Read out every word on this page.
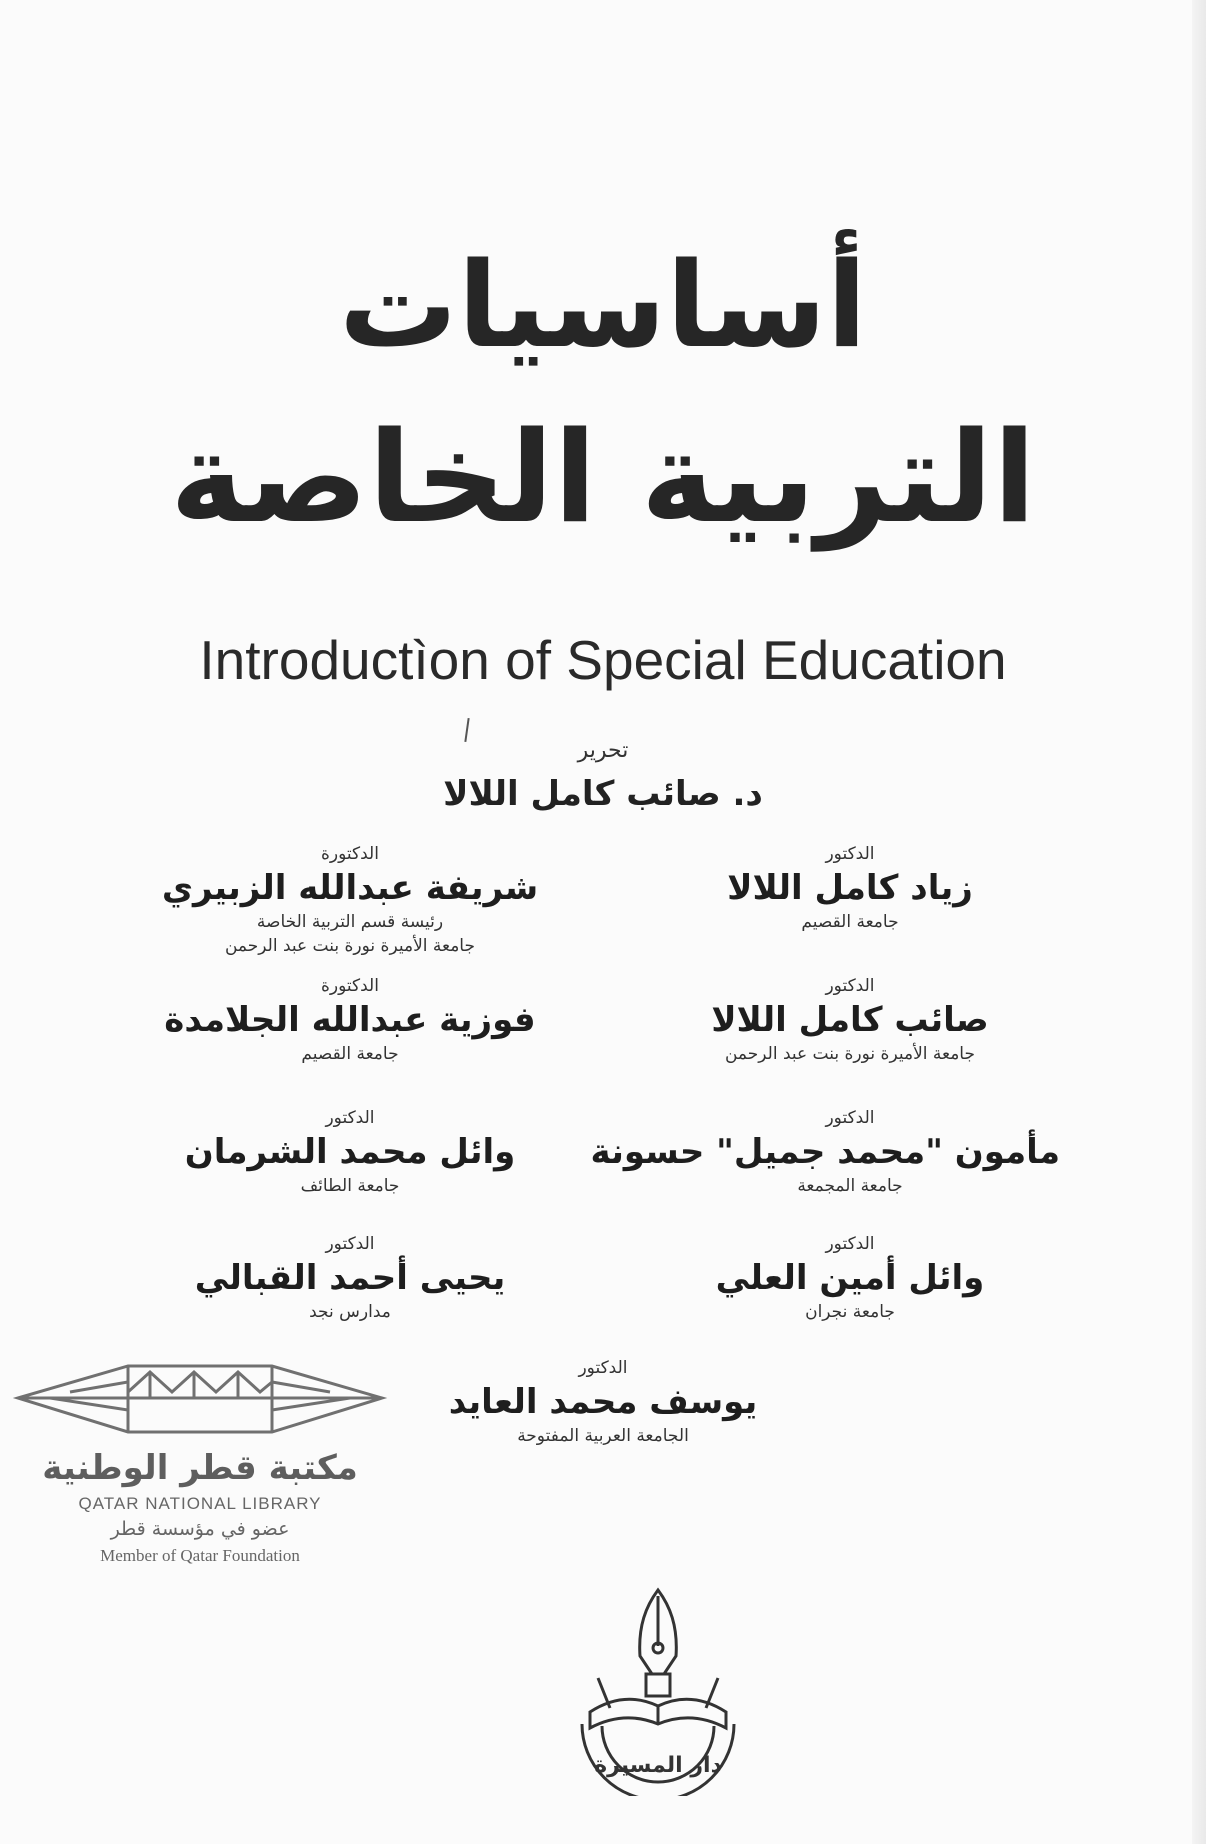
أساسيات
التربية الخاصة
Introductìon of Special Education
تحرير
د. صائب كامل اللالا
الدكتور
زياد كامل اللالا
جامعة القصيم
الدكتورة
شريفة عبدالله الزبيري
رئيسة قسم التربية الخاصة
جامعة الأميرة نورة بنت عبد الرحمن
الدكتور
صائب كامل اللالا
جامعة الأميرة نورة بنت عبد الرحمن
الدكتورة
فوزية عبدالله الجلامدة
جامعة القصيم
الدكتور
مأمون "محمد جميل" حسونة
جامعة المجمعة
الدكتور
وائل محمد الشرمان
جامعة الطائف
الدكتور
وائل أمين العلي
جامعة نجران
الدكتور
يحيى أحمد القبالي
مدارس نجد
الدكتور
يوسف محمد العايد
الجامعة العربية المفتوحة
مكتبة قطر الوطنية
QATAR NATIONAL LIBRARY
عضو في مؤسسة قطر
Member of Qatar Foundation
دار المسيرة
